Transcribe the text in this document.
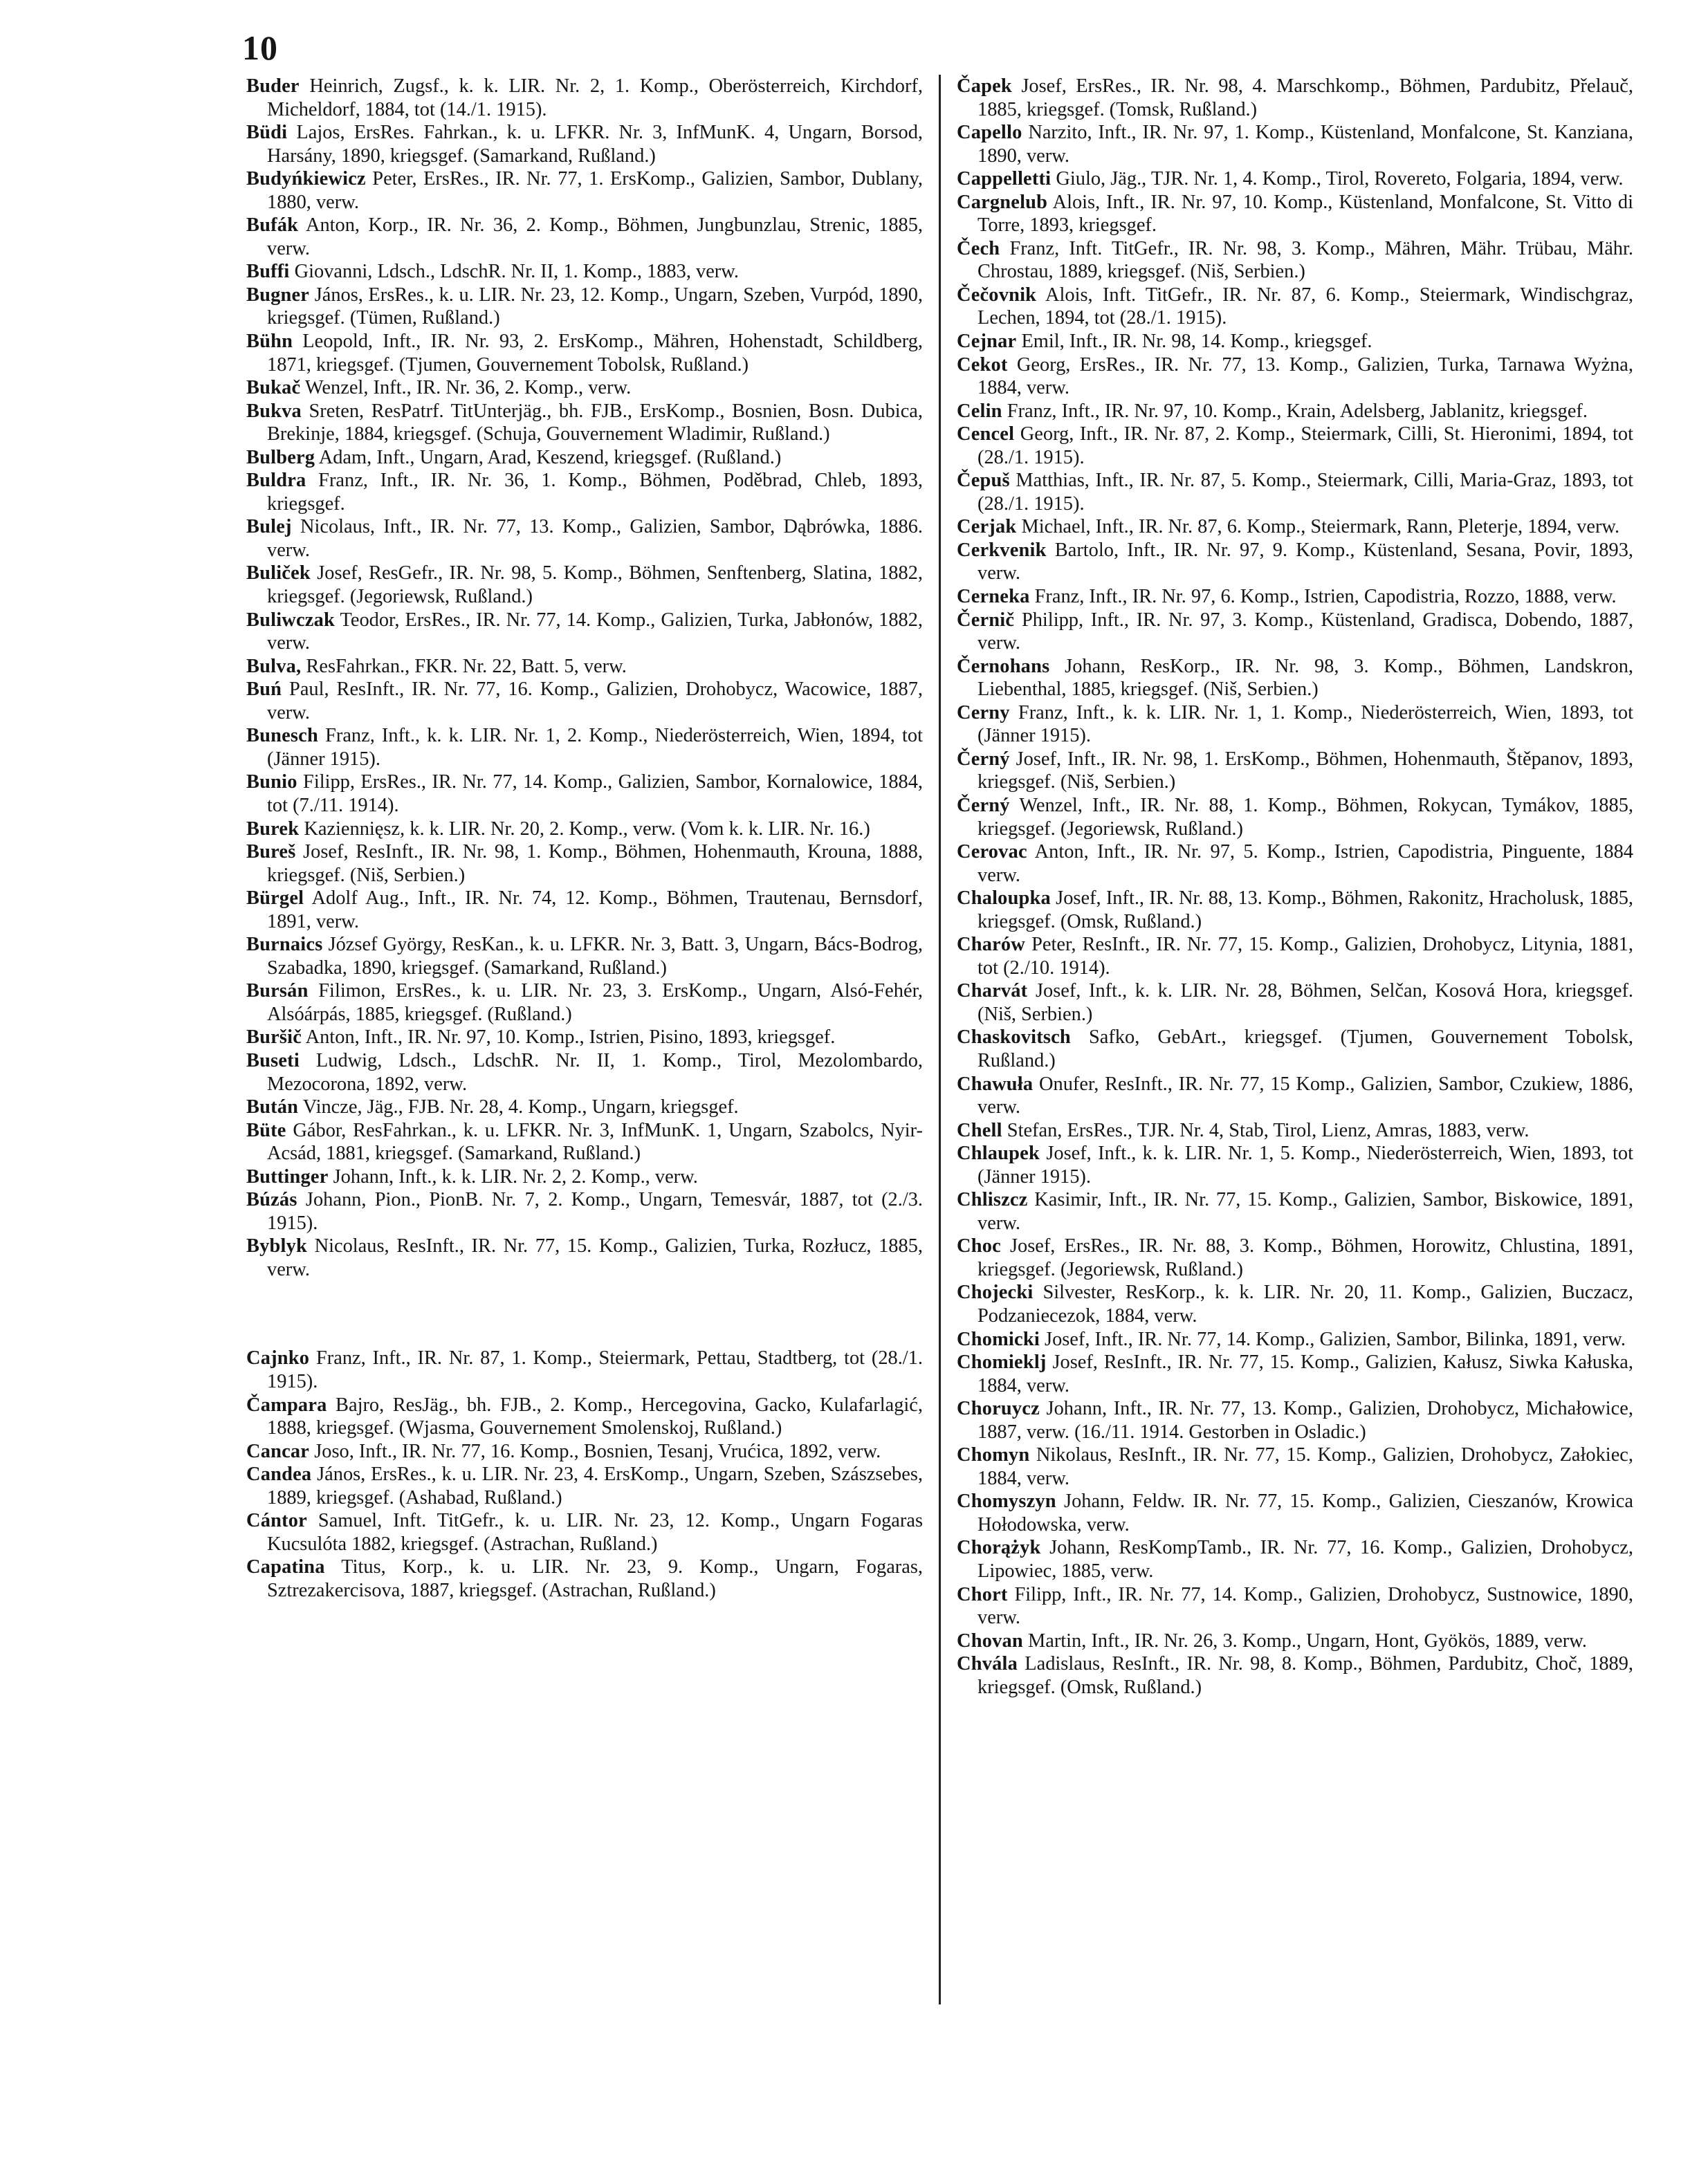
10

Buder Heinrich, Zugsf., k. k. LIR. Nr. 2, 1. Komp., Oberösterreich, Kirchdorf, Micheldorf, 1884, tot (14./1. 1915).

Büdi Lajos, ErsRes. Fahrkan., k. u. LFKR. Nr. 3, InfMunK. 4, Ungarn, Borsod, Harsány, 1890, kriegsgef. (Samarkand, Rußland.)

Budyńkiewicz Peter, ErsRes., IR. Nr. 77, 1. ErsKomp., Galizien, Sambor, Dublany, 1880, verw.

Bufák Anton, Korp., IR. Nr. 36, 2. Komp., Böhmen, Jungbunzlau, Strenic, 1885, verw.

Buffi Giovanni, Ldsch., LdschR. Nr. II, 1. Komp., 1883, verw.

Bugner János, ErsRes., k. u. LIR. Nr. 23, 12. Komp., Ungarn, Szeben, Vurpód, 1890, kriegsgef. (Tümen, Rußland.)

Bühn Leopold, Inft., IR. Nr. 93, 2. ErsKomp., Mähren, Hohenstadt, Schildberg, 1871, kriegsgef. (Tjumen, Gouvernement Tobolsk, Rußland.)

Bukač Wenzel, Inft., IR. Nr. 36, 2. Komp., verw.

Bukva Sreten, ResPatrf. TitUnterjäg., bh. FJB., ErsKomp., Bosnien, Bosn. Dubica, Brekinje, 1884, kriegsgef. (Schuja, Gouvernement Wladimir, Rußland.)

Bulberg Adam, Inft., Ungarn, Arad, Keszend, kriegsgef. (Rußland.)

Buldra Franz, Inft., IR. Nr. 36, 1. Komp., Böhmen, Poděbrad, Chleb, 1893, kriegsgef.

Bulej Nicolaus, Inft., IR. Nr. 77, 13. Komp., Galizien, Sambor, Dąbrówka, 1886. verw.

Buliček Josef, ResGefr., IR. Nr. 98, 5. Komp., Böhmen, Senftenberg, Slatina, 1882, kriegsgef. (Jegoriewsk, Rußland.)

Buliwczak Teodor, ErsRes., IR. Nr. 77, 14. Komp., Galizien, Turka, Jabłonów, 1882, verw.

Bulva, ResFahrkan., FKR. Nr. 22, Batt. 5, verw.

Buń Paul, ResInft., IR. Nr. 77, 16. Komp., Galizien, Drohobycz, Wacowice, 1887, verw.

Bunesch Franz, Inft., k. k. LIR. Nr. 1, 2. Komp., Niederösterreich, Wien, 1894, tot (Jänner 1915).

Bunio Filipp, ErsRes., IR. Nr. 77, 14. Komp., Galizien, Sambor, Kornalowice, 1884, tot (7./11. 1914).

Burek Kaziennięsz, k. k. LIR. Nr. 20, 2. Komp., verw. (Vom k. k. LIR. Nr. 16.)

Bureš Josef, ResInft., IR. Nr. 98, 1. Komp., Böhmen, Hohenmauth, Krouna, 1888, kriegsgef. (Niš, Serbien.)

Bürgel Adolf Aug., Inft., IR. Nr. 74, 12. Komp., Böhmen, Trautenau, Bernsdorf, 1891, verw.

Burnaics József György, ResKan., k. u. LFKR. Nr. 3, Batt. 3, Ungarn, Bács-Bodrog, Szabadka, 1890, kriegsgef. (Samarkand, Rußland.)

Bursán Filimon, ErsRes., k. u. LIR. Nr. 23, 3. ErsKomp., Ungarn, Alsó-Fehér, Alsóárpás, 1885, kriegsgef. (Rußland.)

Buršič Anton, Inft., IR. Nr. 97, 10. Komp., Istrien, Pisino, 1893, kriegsgef.

Buseti Ludwig, Ldsch., LdschR. Nr. II, 1. Komp., Tirol, Mezolombardo, Mezocorona, 1892, verw.

Bután Vincze, Jäg., FJB. Nr. 28, 4. Komp., Ungarn, kriegsgef.

Büte Gábor, ResFahrkan., k. u. LFKR. Nr. 3, InfMunK. 1, Ungarn, Szabolcs, Nyir-Acsád, 1881, kriegsgef. (Samarkand, Rußland.)

Buttinger Johann, Inft., k. k. LIR. Nr. 2, 2. Komp., verw.

Búzás Johann, Pion., PionB. Nr. 7, 2. Komp., Ungarn, Temesvár, 1887, tot (2./3. 1915).

Byblyk Nicolaus, ResInft., IR. Nr. 77, 15. Komp., Galizien, Turka, Rozłucz, 1885, verw.

Cajnko Franz, Inft., IR. Nr. 87, 1. Komp., Steiermark, Pettau, Stadtberg, tot (28./1. 1915).

Čampara Bajro, ResJäg., bh. FJB., 2. Komp., Hercegovina, Gacko, Kulafarlagić, 1888, kriegsgef. (Wjasma, Gouvernement Smolenskoj, Rußland.)

Cancar Joso, Inft., IR. Nr. 77, 16. Komp., Bosnien, Tesanj, Vrućica, 1892, verw.

Candea János, ErsRes., k. u. LIR. Nr. 23, 4. ErsKomp., Ungarn, Szeben, Szászsebes, 1889, kriegsgef. (Ashabad, Rußland.)

Cántor Samuel, Inft. TitGefr., k. u. LIR. Nr. 23, 12. Komp., Ungarn Fogaras Kucsulóta 1882, kriegsgef. (Astrachan, Rußland.)

Capatina Titus, Korp., k. u. LIR. Nr. 23, 9. Komp., Ungarn, Fogaras, Sztrezakercisova, 1887, kriegsgef. (Astrachan, Rußland.)

Čapek Josef, ErsRes., IR. Nr. 98, 4. Marschkomp., Böhmen, Pardubitz, Přelauč, 1885, kriegsgef. (Tomsk, Rußland.)

Capello Narzito, Inft., IR. Nr. 97, 1. Komp., Küstenland, Monfalcone, St. Kanziana, 1890, verw.

Cappelletti Giulo, Jäg., TJR. Nr. 1, 4. Komp., Tirol, Rovereto, Folgaria, 1894, verw.

Cargnelub Alois, Inft., IR. Nr. 97, 10. Komp., Küstenland, Monfalcone, St. Vitto di Torre, 1893, kriegsgef.

Čech Franz, Inft. TitGefr., IR. Nr. 98, 3. Komp., Mähren, Mähr. Trübau, Mähr. Chrostau, 1889, kriegsgef. (Niš, Serbien.)

Čečovnik Alois, Inft. TitGefr., IR. Nr. 87, 6. Komp., Steiermark, Windischgraz, Lechen, 1894, tot (28./1. 1915).

Cejnar Emil, Inft., IR. Nr. 98, 14. Komp., kriegsgef.

Cekot Georg, ErsRes., IR. Nr. 77, 13. Komp., Galizien, Turka, Tarnawa Wyżna, 1884, verw.

Celin Franz, Inft., IR. Nr. 97, 10. Komp., Krain, Adelsberg, Jablanitz, kriegsgef.

Cencel Georg, Inft., IR. Nr. 87, 2. Komp., Steiermark, Cilli, St. Hieronimi, 1894, tot (28./1. 1915).

Čepuš Matthias, Inft., IR. Nr. 87, 5. Komp., Steiermark, Cilli, Maria-Graz, 1893, tot (28./1. 1915).

Cerjak Michael, Inft., IR. Nr. 87, 6. Komp., Steiermark, Rann, Pleterje, 1894, verw.

Cerkvenik Bartolo, Inft., IR. Nr. 97, 9. Komp., Küstenland, Sesana, Povir, 1893, verw.

Cerneka Franz, Inft., IR. Nr. 97, 6. Komp., Istrien, Capodistria, Rozzo, 1888, verw.

Černič Philipp, Inft., IR. Nr. 97, 3. Komp., Küstenland, Gradisca, Dobendo, 1887, verw.

Černohans Johann, ResKorp., IR. Nr. 98, 3. Komp., Böhmen, Landskron, Liebenthal, 1885, kriegsgef. (Niš, Serbien.)

Cerny Franz, Inft., k. k. LIR. Nr. 1, 1. Komp., Niederösterreich, Wien, 1893, tot (Jänner 1915).

Černý Josef, Inft., IR. Nr. 98, 1. ErsKomp., Böhmen, Hohenmauth, Štěpanov, 1893, kriegsgef. (Niš, Serbien.)

Černý Wenzel, Inft., IR. Nr. 88, 1. Komp., Böhmen, Rokycan, Tymákov, 1885, kriegsgef. (Jegoriewsk, Rußland.)

Cerovac Anton, Inft., IR. Nr. 97, 5. Komp., Istrien, Capodistria, Pinguente, 1884 verw.

Chaloupka Josef, Inft., IR. Nr. 88, 13. Komp., Böhmen, Rakonitz, Hracholusk, 1885, kriegsgef. (Omsk, Rußland.)

Charów Peter, ResInft., IR. Nr. 77, 15. Komp., Galizien, Drohobycz, Litynia, 1881, tot (2./10. 1914).

Charvát Josef, Inft., k. k. LIR. Nr. 28, Böhmen, Selčan, Kosová Hora, kriegsgef. (Niš, Serbien.)

Chaskovitsch Safko, GebArt., kriegsgef. (Tjumen, Gouvernement Tobolsk, Rußland.)

Chawuła Onufer, ResInft., IR. Nr. 77, 15 Komp., Galizien, Sambor, Czukiew, 1886, verw.

Chell Stefan, ErsRes., TJR. Nr. 4, Stab, Tirol, Lienz, Amras, 1883, verw.

Chlaupek Josef, Inft., k. k. LIR. Nr. 1, 5. Komp., Niederösterreich, Wien, 1893, tot (Jänner 1915).

Chliszcz Kasimir, Inft., IR. Nr. 77, 15. Komp., Galizien, Sambor, Biskowice, 1891, verw.

Choc Josef, ErsRes., IR. Nr. 88, 3. Komp., Böhmen, Horowitz, Chlustina, 1891, kriegsgef. (Jegoriewsk, Rußland.)

Chojecki Silvester, ResKorp., k. k. LIR. Nr. 20, 11. Komp., Galizien, Buczacz, Podzaniecezok, 1884, verw.

Chomicki Josef, Inft., IR. Nr. 77, 14. Komp., Galizien, Sambor, Bilinka, 1891, verw.

Chomieklj Josef, ResInft., IR. Nr. 77, 15. Komp., Galizien, Kałusz, Siwka Kałuska, 1884, verw.

Choruycz Johann, Inft., IR. Nr. 77, 13. Komp., Galizien, Drohobycz, Michałowice, 1887, verw. (16./11. 1914. Gestorben in Osladic.)

Chomyn Nikolaus, ResInft., IR. Nr. 77, 15. Komp., Galizien, Drohobycz, Załokiec, 1884, verw.

Chomyszyn Johann, Feldw. IR. Nr. 77, 15. Komp., Galizien, Cieszanów, Krowica Hołodowska, verw.

Chorążyk Johann, ResKompTamb., IR. Nr. 77, 16. Komp., Galizien, Drohobycz, Lipowiec, 1885, verw.

Chort Filipp, Inft., IR. Nr. 77, 14. Komp., Galizien, Drohobycz, Sustnowice, 1890, verw.

Chovan Martin, Inft., IR. Nr. 26, 3. Komp., Ungarn, Hont, Gyökös, 1889, verw.

Chvála Ladislaus, ResInft., IR. Nr. 98, 8. Komp., Böhmen, Pardubitz, Choč, 1889, kriegsgef. (Omsk, Rußland.)
